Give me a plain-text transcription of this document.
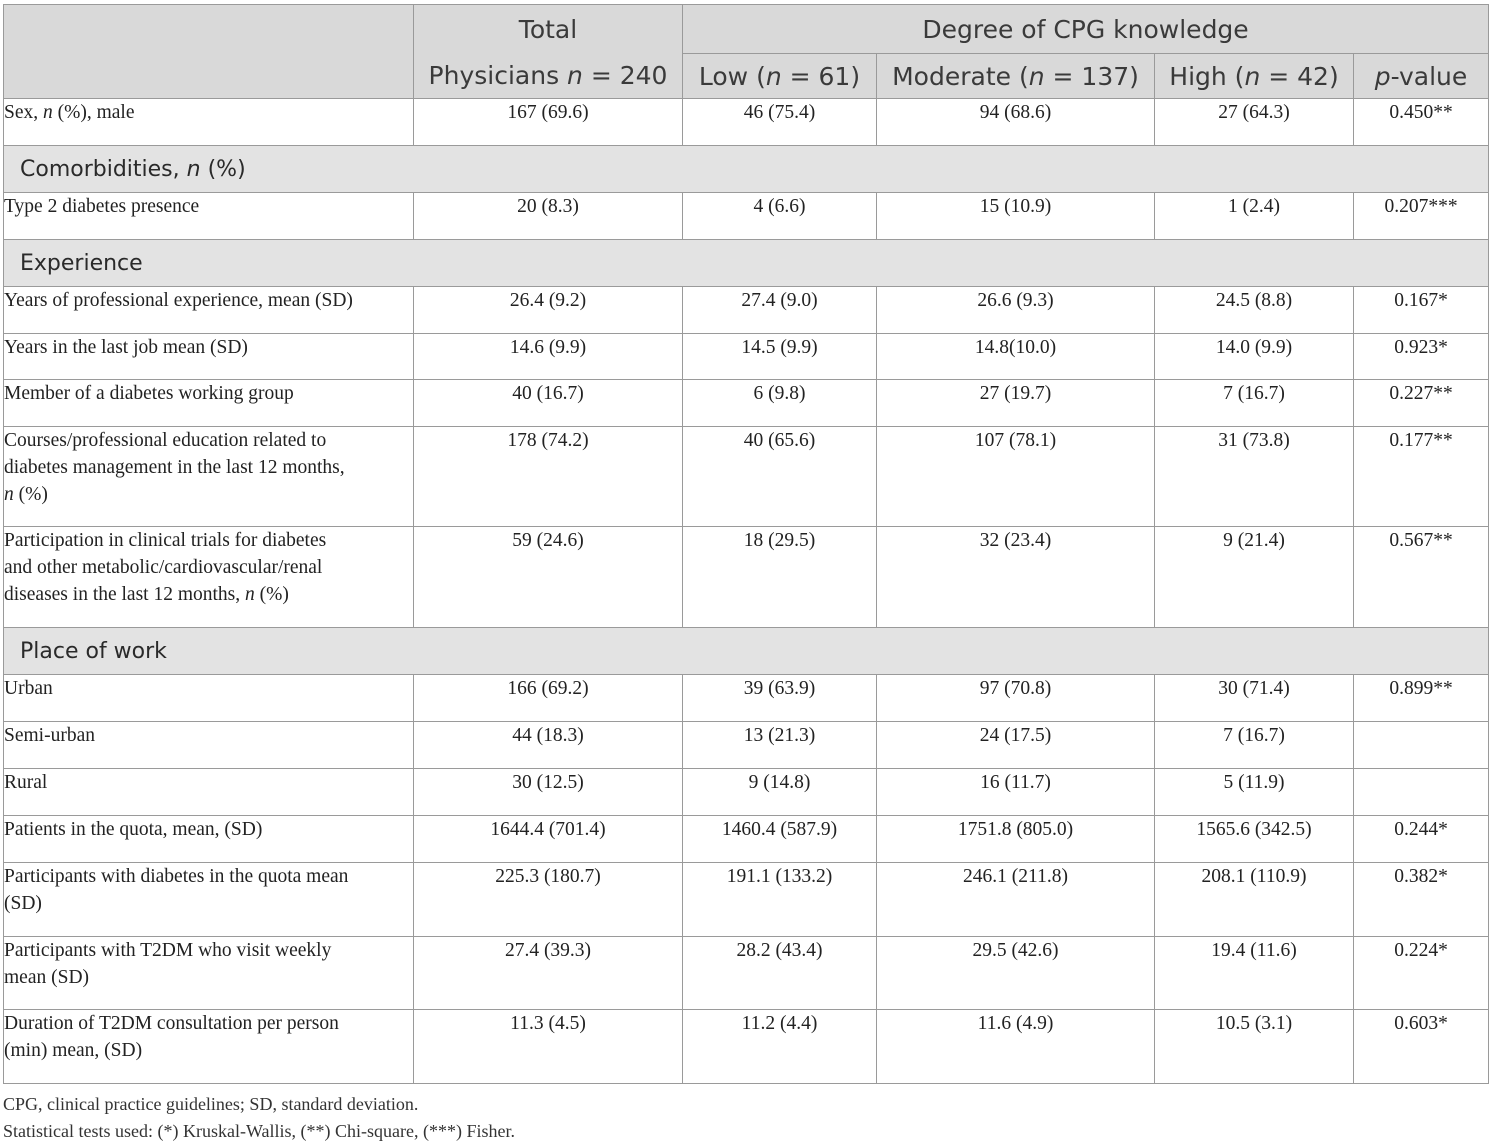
	Total	Degree of CPG knowledge			
	Physicians n = 240	Low (n = 61)	Moderate (n = 137)	High (n = 42)	p-value
Sex, n (%), male	167 (69.6)	46 (75.4)	94 (68.6)	27 (64.3)	0.450**
Comorbidities, n (%)					
Type 2 diabetes presence	20 (8.3)	4 (6.6)	15 (10.9)	1 (2.4)	0.207***
Experience					
Years of professional experience, mean (SD)	26.4 (9.2)	27.4 (9.0)	26.6 (9.3)	24.5 (8.8)	0.167*
Years in the last job mean (SD)	14.6 (9.9)	14.5 (9.9)	14.8(10.0)	14.0 (9.9)	0.923*
Member of a diabetes working group	40 (16.7)	6 (9.8)	27 (19.7)	7 (16.7)	0.227**
Courses/professional education related to
diabetes management in the last 12 months,
n (%)	178 (74.2)	40 (65.6)	107 (78.1)	31 (73.8)	0.177**
Participation in clinical trials for diabetes
and other metabolic/cardiovascular/renal
diseases in the last 12 months, n (%)	59 (24.6)	18 (29.5)	32 (23.4)	9 (21.4)	0.567**
Place of work					
Urban	166 (69.2)	39 (63.9)	97 (70.8)	30 (71.4)	0.899**
Semi-urban	44 (18.3)	13 (21.3)	24 (17.5)	7 (16.7)	
Rural	30 (12.5)	9 (14.8)	16 (11.7)	5 (11.9)	
Patients in the quota, mean, (SD)	1644.4 (701.4)	1460.4 (587.9)	1751.8 (805.0)	1565.6 (342.5)	0.244*
Participants with diabetes in the quota mean
(SD)	225.3 (180.7)	191.1 (133.2)	246.1 (211.8)	208.1 (110.9)	0.382*
Participants with T2DM who visit weekly
mean (SD)	27.4 (39.3)	28.2 (43.4)	29.5 (42.6)	19.4 (11.6)	0.224*
Duration of T2DM consultation per person
(min) mean, (SD)	11.3 (4.5)	11.2 (4.4)	11.6 (4.9)	10.5 (3.1)	0.603*
CPG, clinical practice guidelines; SD, standard deviation.
Statistical tests used: (*) Kruskal-Wallis, (**) Chi-square, (***) Fisher.
